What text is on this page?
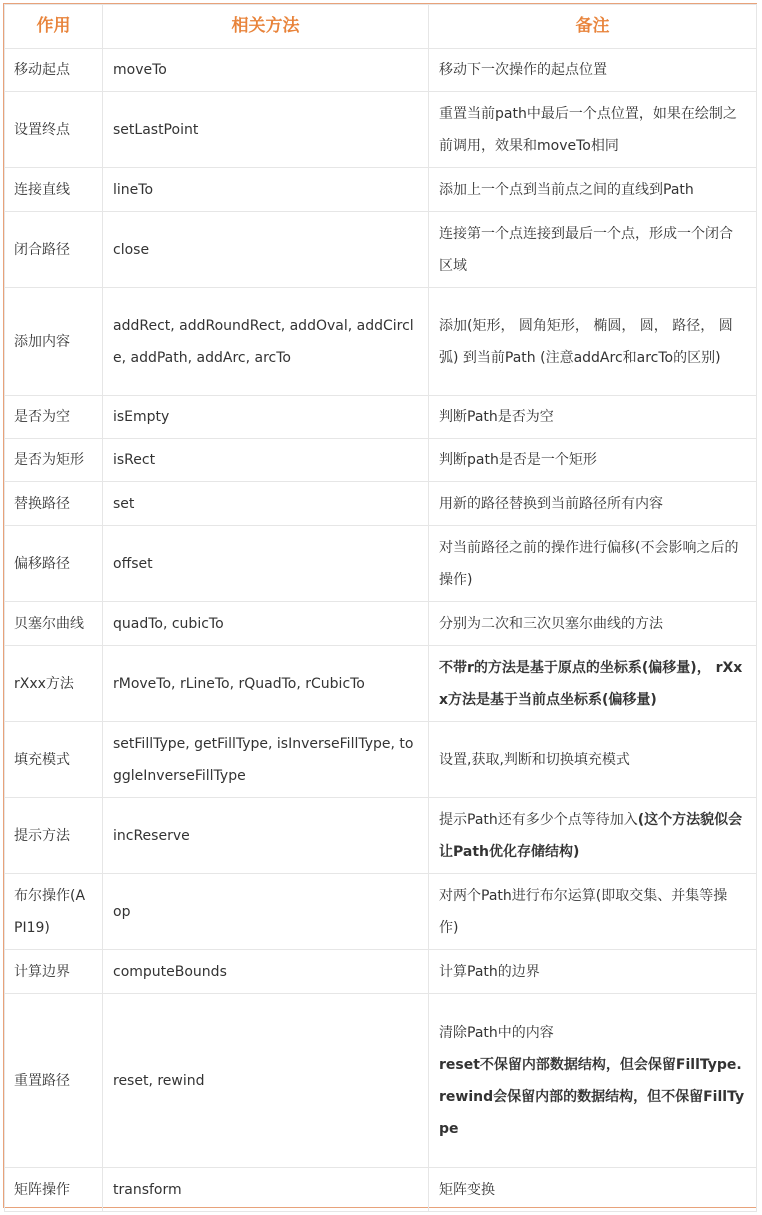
作用	相关方法	备注
移动起点	moveTo	移动下一次操作的起点位置
设置终点	setLastPoint	重置当前path中最后一个点位置，如果在绘制之前调用，效果和moveTo相同
连接直线	lineTo	添加上一个点到当前点之间的直线到Path
闭合路径	close	连接第一个点连接到最后一个点，形成一个闭合区域
添加内容	addRect, addRoundRect, addOval, addCircle, addPath, addArc, arcTo	添加(矩形， 圆角矩形， 椭圆， 圆， 路径， 圆弧) 到当前Path (注意addArc和arcTo的区别)
是否为空	isEmpty	判断Path是否为空
是否为矩形	isRect	判断path是否是一个矩形
替换路径	set	用新的路径替换到当前路径所有内容
偏移路径	offset	对当前路径之前的操作进行偏移(不会影响之后的操作)
贝塞尔曲线	quadTo, cubicTo	分别为二次和三次贝塞尔曲线的方法
rXxx方法	rMoveTo, rLineTo, rQuadTo, rCubicTo	不带r的方法是基于原点的坐标系(偏移量)， rXxx方法是基于当前点坐标系(偏移量)
填充模式	setFillType, getFillType, isInverseFillType, toggleInverseFillType	设置,获取,判断和切换填充模式
提示方法	incReserve	提示Path还有多少个点等待加入(这个方法貌似会让Path优化存储结构)
布尔操作(API19)	op	对两个Path进行布尔运算(即取交集、并集等操作)
计算边界	computeBounds	计算Path的边界
重置路径	reset, rewind	清除Path中的内容
reset不保留内部数据结构，但会保留FillType.
rewind会保留内部的数据结构，但不保留FillType

矩阵操作	transform	矩阵变换
